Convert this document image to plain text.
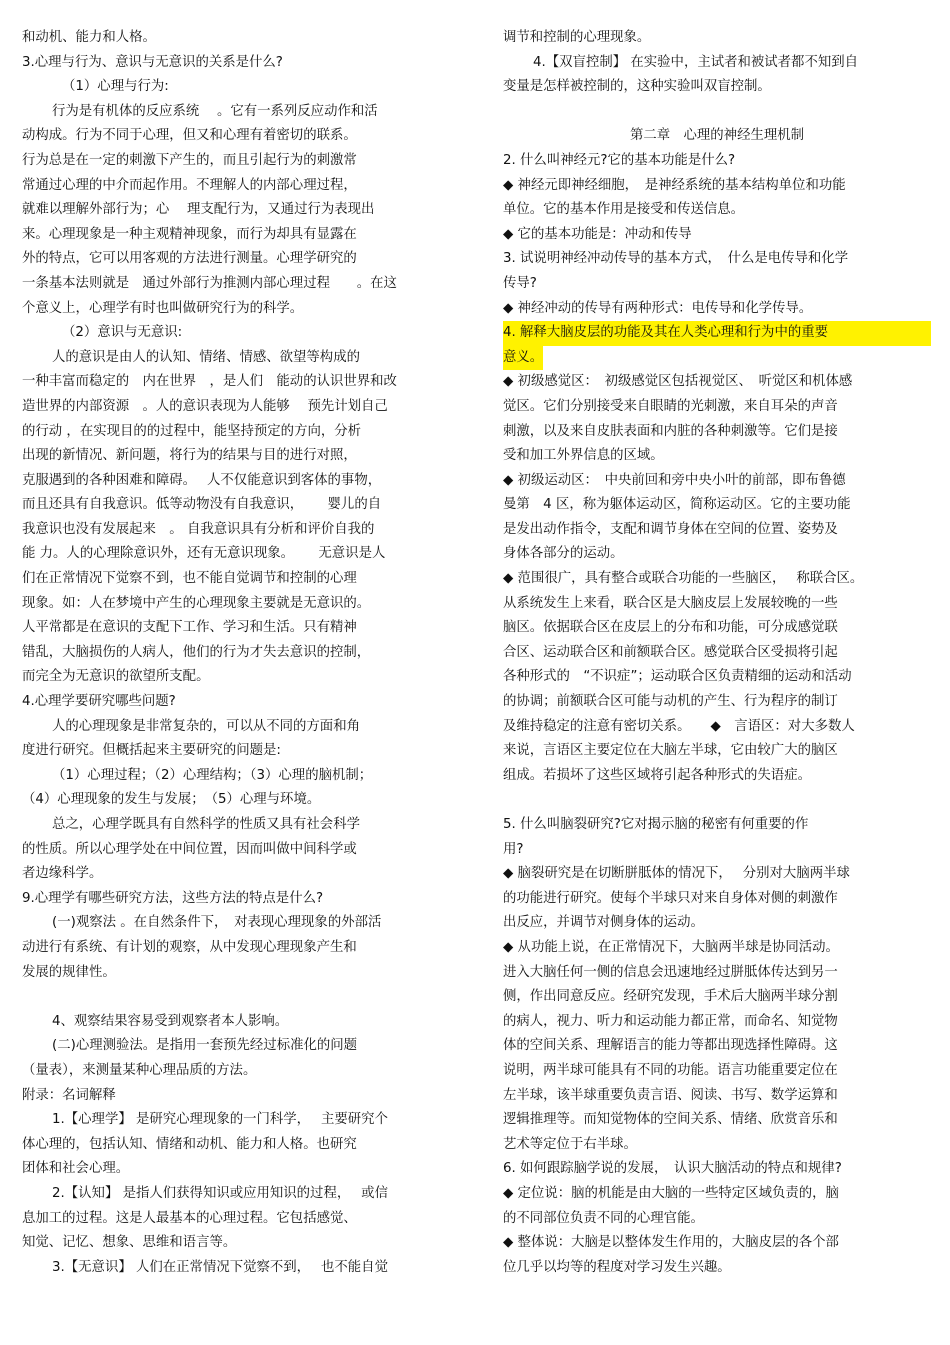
和动机、能力和人格。
3.心理与行为、意识与无意识的关系是什么?
（1）心理与行为:
行为是有机体的反应系统　 。它有一系列反应动作和活
动构成。行为不同于心理，但又和心理有着密切的联系。
行为总是在一定的刺激下产生的，而且引起行为的刺激常
常通过心理的中介而起作用。不理解人的内部心理过程，
就难以理解外部行为；心　 理支配行为，又通过行为表现出
来。心理现象是一种主观精神现象，而行为却具有显露在
外的特点，它可以用客观的方法进行测量。心理学研究的
一条基本法则就是　通过外部行为推测内部心理过程　　。在这
个意义上，心理学有时也叫做研究行为的科学。
（2）意识与无意识:
人的意识是由人的认知、情绪、情感、欲望等构成的
一种丰富而稳定的　内在世界　，是人们　能动的认识世界和改
造世界的内部资源　。人的意识表现为人能够　 预先计划自己
的行动 ，在实现目的的过程中，能坚持预定的方向，分析
出现的新情况、新问题，将行为的结果与目的进行对照，
克服遇到的各种困难和障碍。　 人不仅能意识到客体的事物，
而且还具有自我意识。低等动物没有自我意识，　　 婴儿的自
我意识也没有发展起来　。 自我意识具有分析和评价自我的
能 力。人的心理除意识外，还有无意识现象。　　 无意识是人
们在正常情况下觉察不到，也不能自觉调节和控制的心理
现象。如：人在梦境中产生的心理现象主要就是无意识的。
人平常都是在意识的支配下工作、学习和生活。只有精神
错乱，大脑损伤的人病人，他们的行为才失去意识的控制，
而完全为无意识的欲望所支配。
4.心理学要研究哪些问题?
人的心理现象是非常复杂的，可以从不同的方面和角
度进行研究。但概括起来主要研究的问题是:
（1）心理过程；（2）心理结构；（3）心理的脑机制；
（4）心理现象的发生与发展；　（5）心理与环境。
总之，心理学既具有自然科学的性质又具有社会科学
的性质。所以心理学处在中间位置，因而叫做中间科学或
者边缘科学。
9.心理学有哪些研究方法，这些方法的特点是什么?
(一)观察法 。在自然条件下，　对表现心理现象的外部活
动进行有系统、有计划的观察，从中发现心理现象产生和
发展的规律性。
4、观察结果容易受到观察者本人影响。
(二)心理测验法。是指用一套预先经过标准化的问题
（量表），来测量某种心理品质的方法。
附录：名词解释
1.【心理学】 是研究心理现象的一门科学，　 主要研究个
体心理的，包括认知、情绪和动机、能力和人格。也研究
团体和社会心理。
2.【认知】 是指人们获得知识或应用知识的过程，　 或信
息加工的过程。这是人最基本的心理过程。它包括感觉、
知觉、记忆、想象、思维和语言等。
3.【无意识】 人们在正常情况下觉察不到，　 也不能自觉
调节和控制的心理现象。
4.【双盲控制】 在实验中，主试者和被试者都不知到自
变量是怎样被控制的，这种实验叫双盲控制。
第二章　心理的神经生理机制
2. 什么叫神经元?它的基本功能是什么?
◆ 神经元即神经细胞，　是神经系统的基本结构单位和功能
单位。它的基本作用是接受和传送信息。
◆ 它的基本功能是：冲动和传导
3. 试说明神经冲动传导的基本方式，　什么是电传导和化学
传导?
◆ 神经冲动的传导有两种形式：电传导和化学传导。
4. 解释大脑皮层的功能及其在人类心理和行为中的重要
意义。
◆ 初级感觉区：　初级感觉区包括视觉区、　听觉区和机体感
觉区。它们分别接受来自眼睛的光刺激，来自耳朵的声音
刺激，以及来自皮肤表面和内脏的各种刺激等。它们是接
受和加工外界信息的区域。
◆ 初级运动区：　中央前回和旁中央小叶的前部，即布鲁德
曼第　4 区，称为躯体运动区，简称运动区。它的主要功能
是发出动作指令，支配和调节身体在空间的位置、姿势及
身体各部分的运动。
◆ 范围很广，具有整合或联合功能的一些脑区，　 称联合区。
从系统发生上来看，联合区是大脑皮层上发展较晚的一些
脑区。依据联合区在皮层上的分布和功能，可分成感觉联
合区、运动联合区和前额联合区。感觉联合区受损将引起
各种形式的　“不识症”；运动联合区负责精细的运动和活动
的协调；前额联合区可能与动机的产生、行为程序的制订
及维持稳定的注意有密切关系。　　◆　言语区：对大多数人
来说，言语区主要定位在大脑左半球，它由较广大的脑区
组成。若损坏了这些区域将引起各种形式的失语症。
5. 什么叫脑裂研究?它对揭示脑的秘密有何重要的作
用?
◆ 脑裂研究是在切断胼胝体的情况下，　 分别对大脑两半球
的功能进行研究。使每个半球只对来自身体对侧的刺激作
出反应，并调节对侧身体的运动。
◆ 从功能上说，在正常情况下，大脑两半球是协同活动。
进入大脑任何一侧的信息会迅速地经过胼胝体传达到另一
侧，作出同意反应。经研究发现，手术后大脑两半球分割
的病人，视力、听力和运动能力都正常，而命名、知觉物
体的空间关系、理解语言的能力等都出现选择性障碍。这
说明，两半球可能具有不同的功能。语言功能重要定位在
左半球，该半球重要负责言语、阅读、书写、数学运算和
逻辑推理等。而知觉物体的空间关系、情绪、欣赏音乐和
艺术等定位于右半球。
6. 如何跟踪脑学说的发展，　认识大脑活动的特点和规律?
◆ 定位说：脑的机能是由大脑的一些特定区域负责的，脑
的不同部位负责不同的心理官能。
◆ 整体说：大脑是以整体发生作用的，大脑皮层的各个部
位几乎以均等的程度对学习发生兴趣。
